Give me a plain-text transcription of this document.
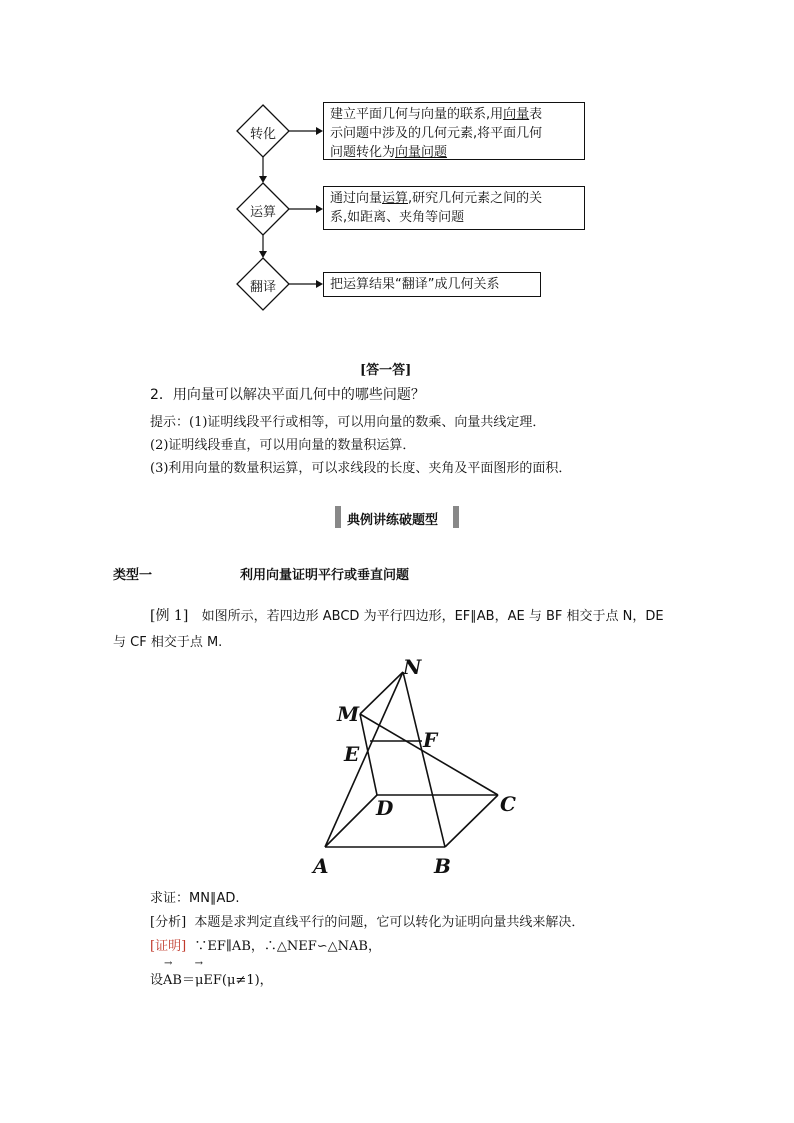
转化
运算
翻译
建立平面几何与向量的联系,用向量表
示问题中涉及的几何元素,将平面几何
问题转化为向量问题
通过向量运算,研究几何元素之间的关
系,如距离、夹角等问题
把运算结果“翻译”成几何关系
[答一答]
2．用向量可以解决平面几何中的哪些问题？
提示：(1)证明线段平行或相等，可以用向量的数乘、向量共线定理．
(2)证明线段垂直，可以用向量的数量积运算．
(3)利用向量的数量积运算，可以求线段的长度、夹角及平面图形的面积．
典例讲练破题型
类型一	利用向量证明平行或垂直问题
[例 1] 如图所示，若四边形 ABCD 为平行四边形，EF∥AB，AE 与 BF 相交于点 N，DE
与 CF 相交于点 M.
N
M
E
F
D	C
A	B
求证：MN∥AD.
[分析] 本题是求判定直线平行的问题，它可以转化为证明向量共线来解决．
[证明] ∵EF∥AB，∴△NEF∽△NAB，
→       →
设AB＝μEF(μ≠1)，
